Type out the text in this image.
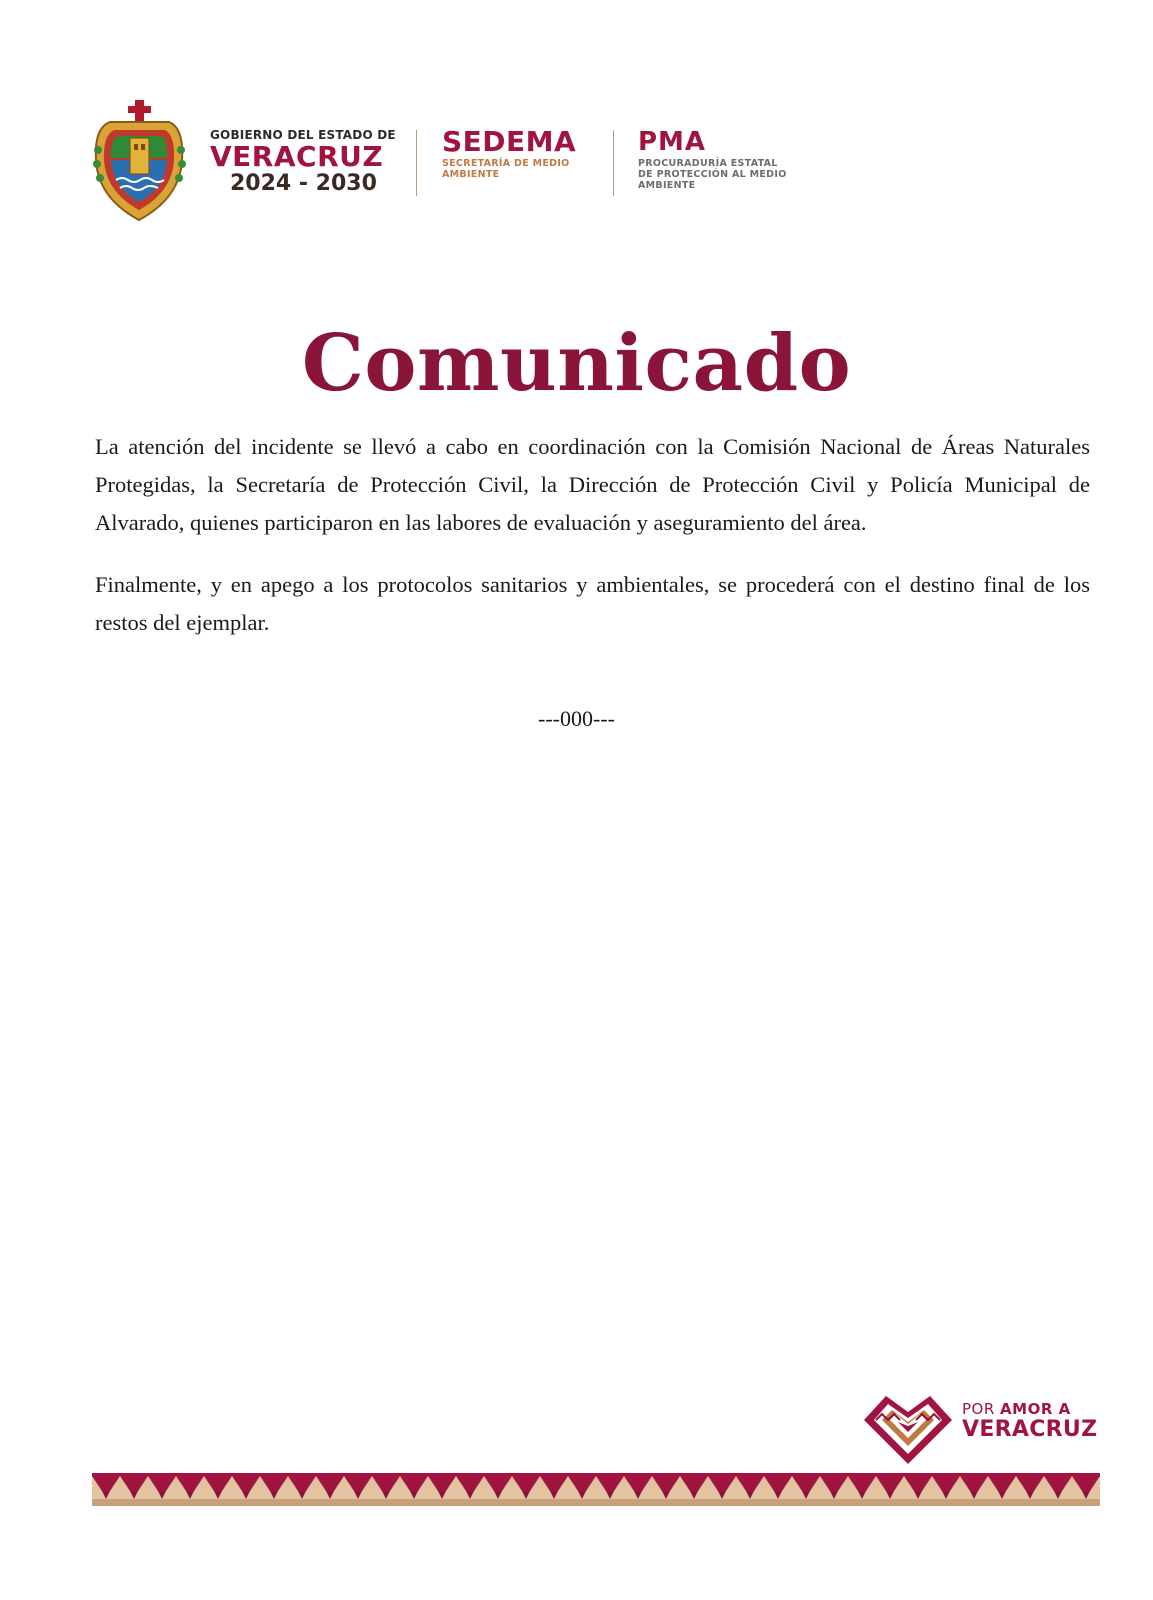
GOBIERNO DEL ESTADO DE
VERACRUZ
2024 - 2030
SEDEMA
SECRETARÍA DE MEDIO AMBIENTE
PMA
PROCURADURÍA ESTATAL DE PROTECCIÓN AL MEDIO AMBIENTE
Comunicado

La atención del incidente se llevó a cabo en coordinación con la Comisión Nacional de Áreas Naturales Protegidas, la Secretaría de Protección Civil, la Dirección de Protección Civil y Policía Municipal de Alvarado, quienes participaron en las labores de evaluación y aseguramiento del área.

Finalmente, y en apego a los protocolos sanitarios y ambientales, se procederá con el destino final de los restos del ejemplar.

---000---
POR AMOR A
VERACRUZ
